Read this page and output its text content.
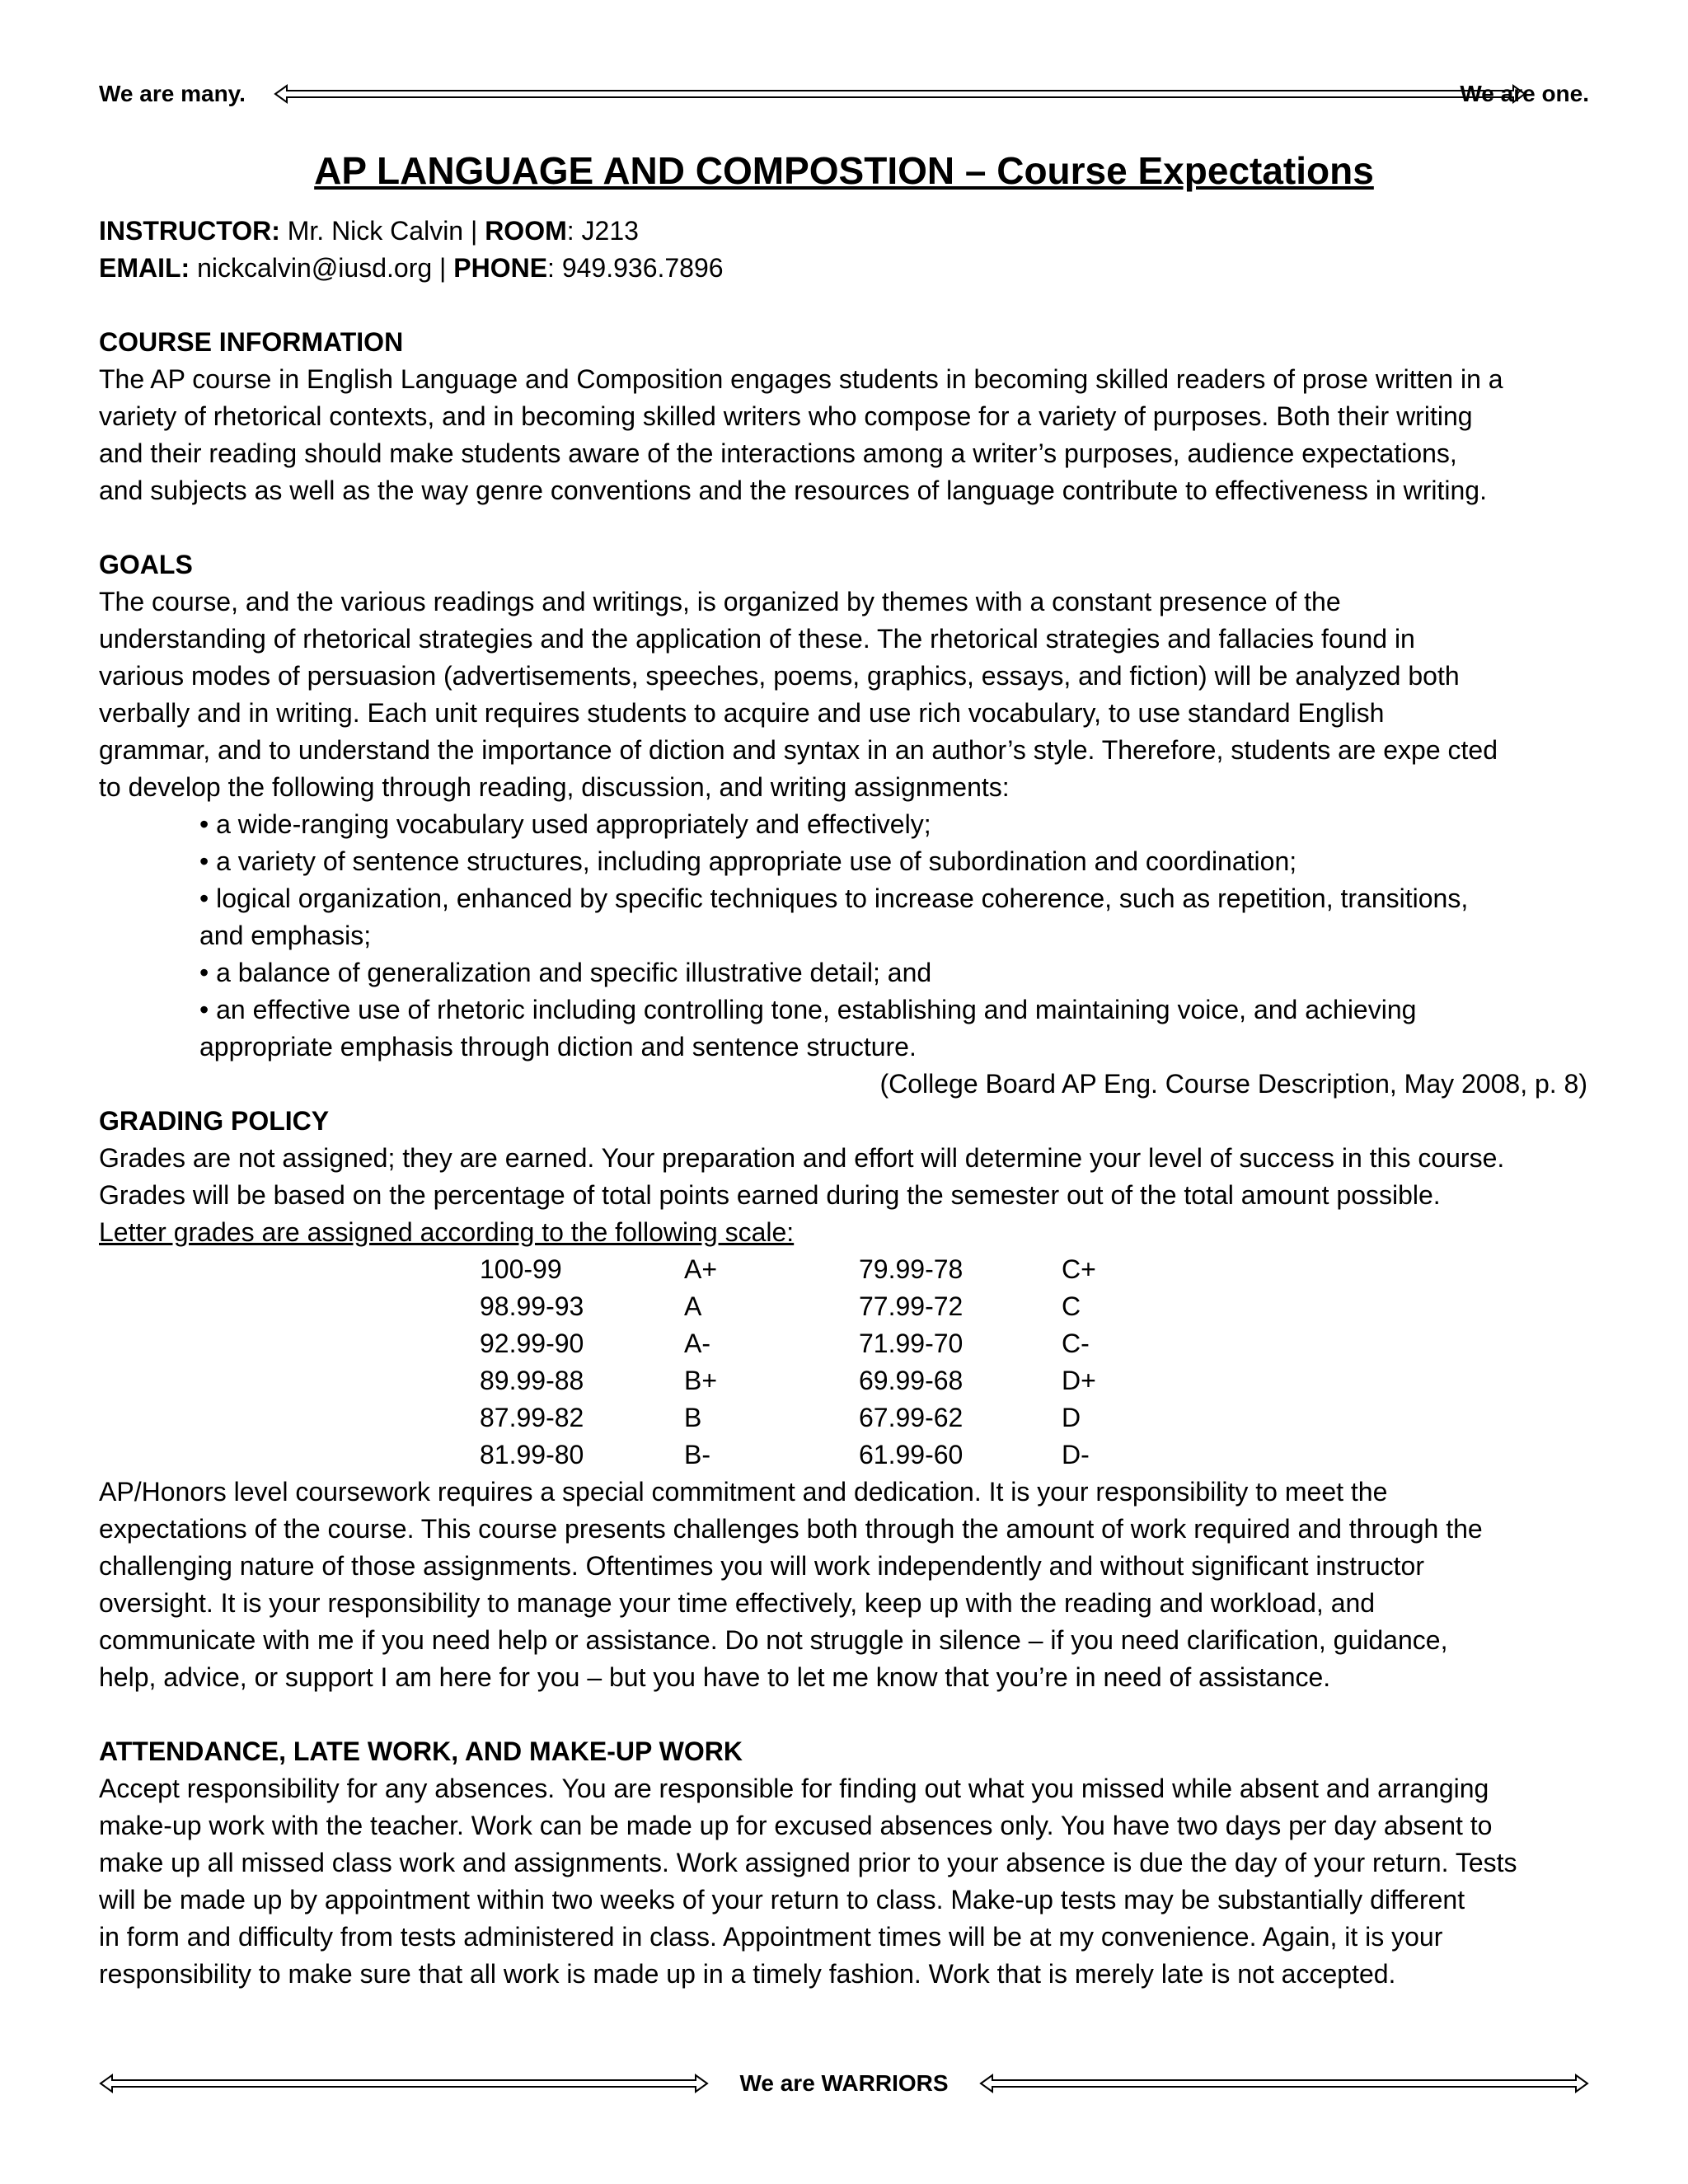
We are many.	We are one.
AP LANGUAGE AND COMPOSTION – Course Expectations

INSTRUCTOR: Mr. Nick Calvin | ROOM: J213

EMAIL: nickcalvin@iusd.org | PHONE: 949.936.7896

COURSE INFORMATION

The AP course in English Language and Composition engages students in becoming skilled readers of prose written in a

variety of rhetorical contexts, and in becoming skilled writers who compose for a variety of purposes. Both their writing

and their reading should make students aware of the interactions among a writer’s purposes, audience expectations,

and subjects as well as the way genre conventions and the resources of language contribute to effectiveness in writing.

GOALS

The course, and the various readings and writings, is organized by themes with a constant presence of the

understanding of rhetorical strategies and the application of these. The rhetorical strategies and fallacies found in

various modes of persuasion (advertisements, speeches, poems, graphics, essays, and fiction) will be analyzed both

verbally and in writing. Each unit requires students to acquire and use rich vocabulary, to use standard English

grammar, and to understand the importance of diction and syntax in an author’s style. Therefore, students are expe cted

to develop the following through reading, discussion, and writing assignments:

• a wide-ranging vocabulary used appropriately and effectively;

• a variety of sentence structures, including appropriate use of subordination and coordination;

• logical organization, enhanced by specific techniques to increase coherence, such as repetition, transitions,

and emphasis;

• a balance of generalization and specific illustrative detail; and

• an effective use of rhetoric including controlling tone, establishing and maintaining voice, and achieving

appropriate emphasis through diction and sentence structure.

(College Board AP Eng. Course Description, May 2008, p. 8)

GRADING POLICY

Grades are not assigned; they are earned. Your preparation and effort will determine your level of success in this course.

Grades will be based on the percentage of total points earned during the semester out of the total amount possible.

Letter grades are assigned according to the following scale:

100-99	A+	79.99-78	C+
98.99-93	A	77.99-72	C
92.99-90	A-	71.99-70	C-
89.99-88	B+	69.99-68	D+
87.99-82	B	67.99-62	D
81.99-80	B-	61.99-60	D-

AP/Honors level coursework requires a special commitment and dedication. It is your responsibility to meet the

expectations of the course. This course presents challenges both through the amount of work required and through the

challenging nature of those assignments. Oftentimes you will work independently and without significant instructor

oversight. It is your responsibility to manage your time effectively, keep up with the reading and workload, and

communicate with me if you need help or assistance. Do not struggle in silence – if you need clarification, guidance,

help, advice, or support I am here for you – but you have to let me know that you’re in need of assistance.

ATTENDANCE, LATE WORK, AND MAKE-UP WORK

Accept responsibility for any absences. You are responsible for finding out what you missed while absent and arranging

make-up work with the teacher. Work can be made up for excused absences only. You have two days per day absent to

make up all missed class work and assignments. Work assigned prior to your absence is due the day of your return. Tests

will be made up by appointment within two weeks of your return to class. Make-up tests may be substantially different

in form and difficulty from tests administered in class. Appointment times will be at my convenience. Again, it is your

responsibility to make sure that all work is made up in a timely fashion. Work that is merely late is not accepted.

We are WARRIORS
